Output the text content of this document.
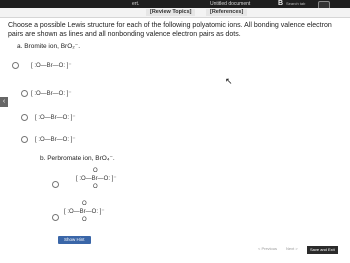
ert.	Untitled document	B Search tab
[Review Topics]	[References]
‹
Choose a possible Lewis structure for each of the following polyatomic ions. All bonding valence electron pairs are shown as lines and all nonbonding valence electron pairs as dots.
a. Bromite ion, BrO₂⁻.
[ :O—Br—O: ]⁻
[ :O—Br—O: ]⁻
[ :O—Br—O: ]⁻
[ :O—Br—O: ]⁻
b. Perbromate ion, BrO₄⁻.
O
[ :O—Br—O: ]⁻
O
O
[ :O—Br—O: ]⁻
O
Show Hint
↖
< Previous Next >	Save and Exit
